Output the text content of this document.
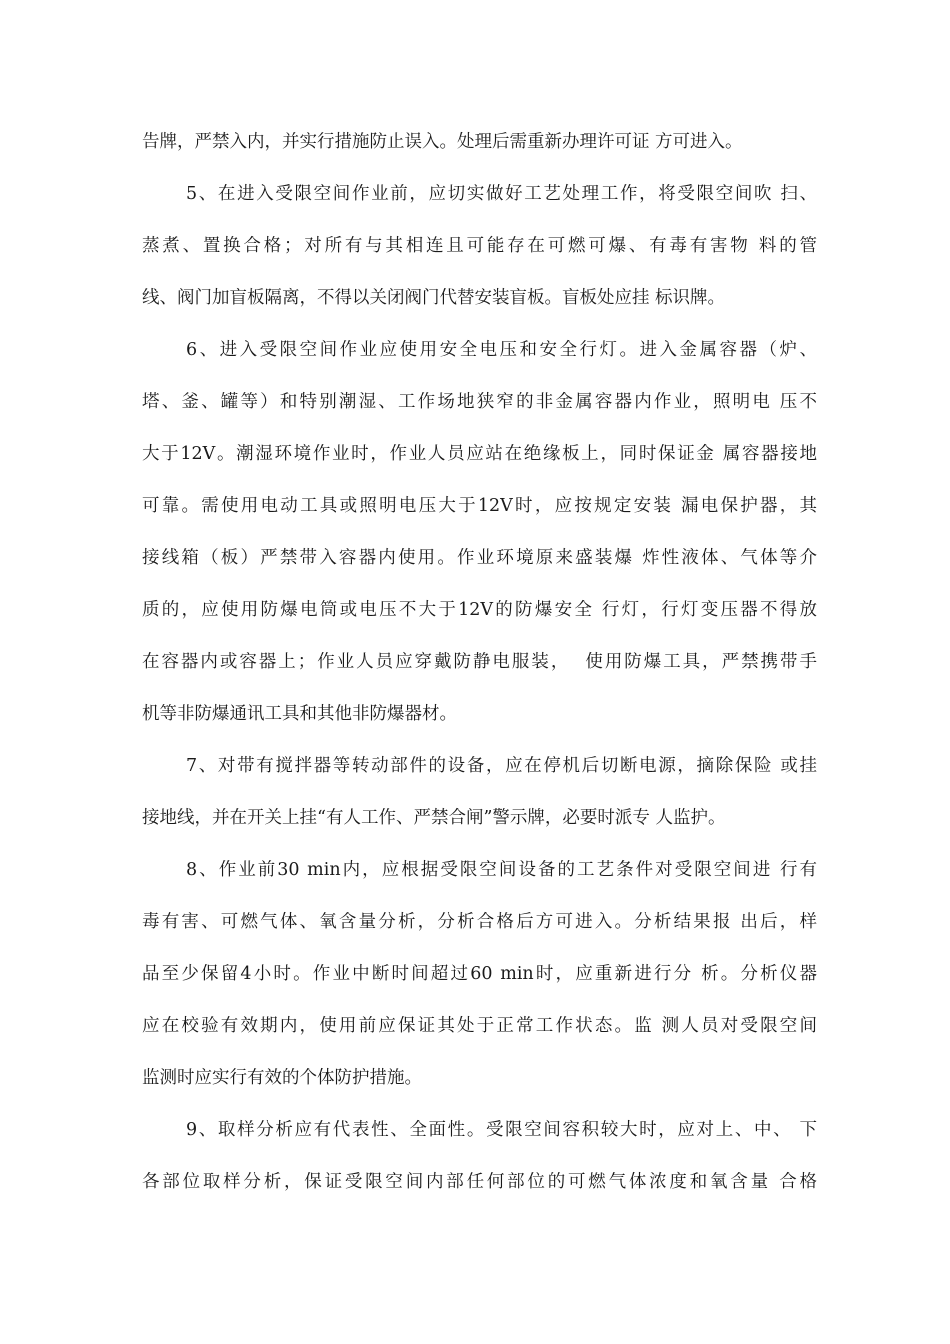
告牌，严禁入内，并实行措施防止误入。处理后需重新办理许可证 方可进入。
5、在进入受限空间作业前，应切实做好工艺处理工作，将受限空间吹 扫、
蒸煮、置换合格；对所有与其相连且可能存在可燃可爆、有毒有害物 料的管
线、阀门加盲板隔离，不得以关闭阀门代替安装盲板。盲板处应挂 标识牌。
6、进入受限空间作业应使用安全电压和安全行灯。进入金属容器（炉、
塔、釜、罐等）和特别潮湿、工作场地狭窄的非金属容器内作业，照明电 压不
大于12V。潮湿环境作业时，作业人员应站在绝缘板上，同时保证金 属容器接地
可靠。需使用电动工具或照明电压大于12V时，应按规定安装 漏电保护器，其
接线箱（板）严禁带入容器内使用。作业环境原来盛装爆 炸性液体、气体等介
质的，应使用防爆电筒或电压不大于12V的防爆安全 行灯，行灯变压器不得放
在容器内或容器上；作业人员应穿戴防静电服装，  使用防爆工具，严禁携带手
机等非防爆通讯工具和其他非防爆器材。
7、对带有搅拌器等转动部件的设备，应在停机后切断电源，摘除保险 或挂
接地线，并在开关上挂“有人工作、严禁合闸”警示牌，必要时派专 人监护。
8、作业前30 min内，应根据受限空间设备的工艺条件对受限空间进 行有
毒有害、可燃气体、氧含量分析，分析合格后方可进入。分析结果报 出后，样
品至少保留4小时。作业中断时间超过60 min时，应重新进行分 析。分析仪器
应在校验有效期内，使用前应保证其处于正常工作状态。监 测人员对受限空间
监测时应实行有效的个体防护措施。
9、取样分析应有代表性、全面性。受限空间容积较大时，应对上、中、 下
各部位取样分析，保证受限空间内部任何部位的可燃气体浓度和氧含量 合格
